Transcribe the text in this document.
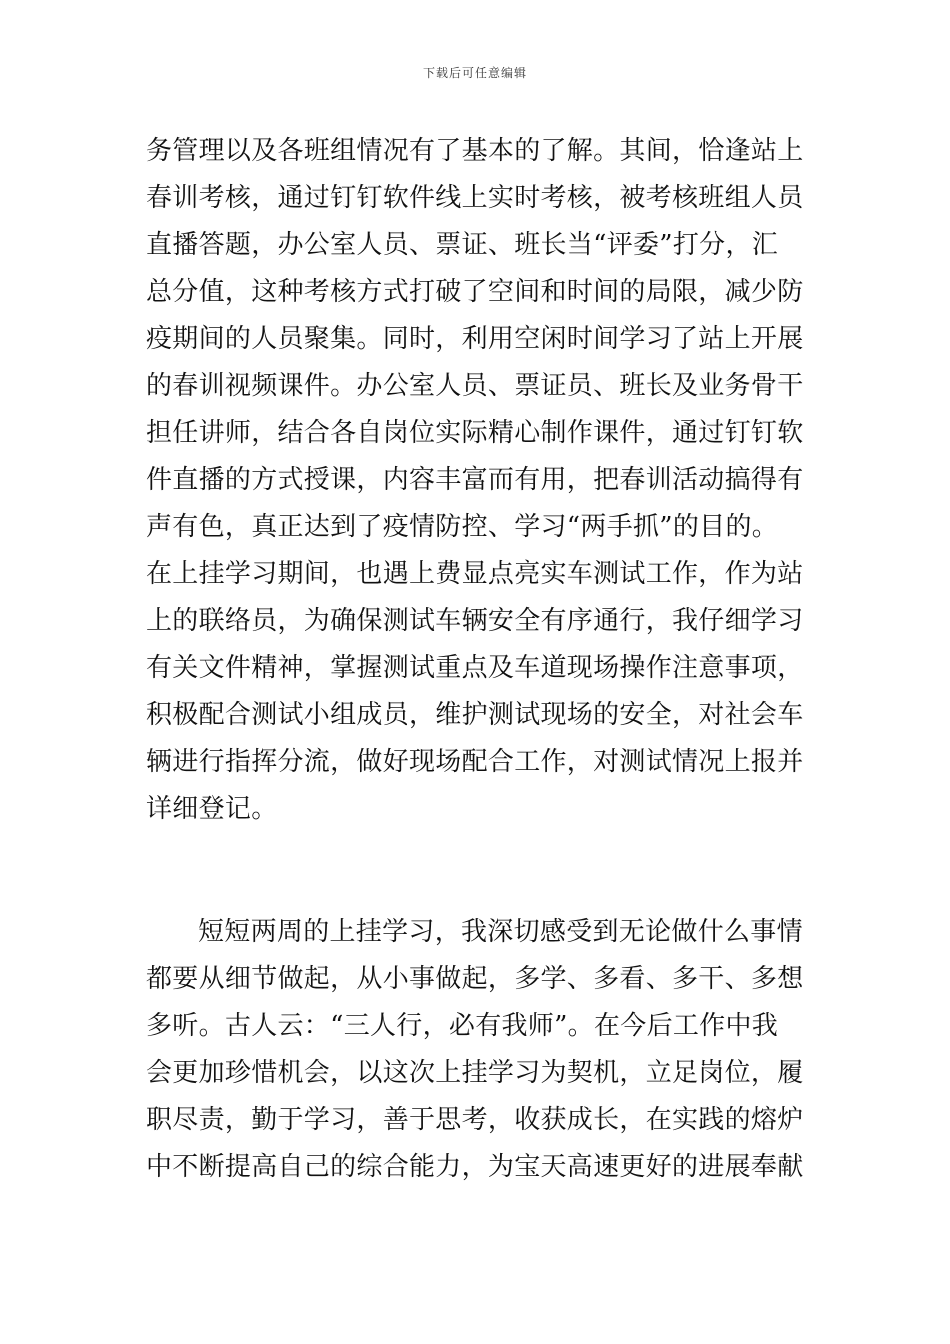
下载后可任意编辑
务管理以及各班组情况有了基本的了解。其间，恰逢站上
春训考核，通过钉钉软件线上实时考核，被考核班组人员
直播答题，办公室人员、票证、班长当“评委”打分，汇
总分值，这种考核方式打破了空间和时间的局限，减少防
疫期间的人员聚集。同时，利用空闲时间学习了站上开展
的春训视频课件。办公室人员、票证员、班长及业务骨干
担任讲师，结合各自岗位实际精心制作课件，通过钉钉软
件直播的方式授课，内容丰富而有用，把春训活动搞得有
声有色，真正达到了疫情防控、学习“两手抓”的目的。
在上挂学习期间，也遇上费显点亮实车测试工作，作为站
上的联络员，为确保测试车辆安全有序通行，我仔细学习
有关文件精神，掌握测试重点及车道现场操作注意事项，
积极配合测试小组成员，维护测试现场的安全，对社会车
辆进行指挥分流，做好现场配合工作，对测试情况上报并
详细登记。
短短两周的上挂学习，我深切感受到无论做什么事情
都要从细节做起，从小事做起，多学、多看、多干、多想
多听。古人云：“三人行，必有我师”。在今后工作中我
会更加珍惜机会，以这次上挂学习为契机，立足岗位，履
职尽责，勤于学习，善于思考，收获成长，在实践的熔炉
中不断提高自己的综合能力，为宝天高速更好的进展奉献
